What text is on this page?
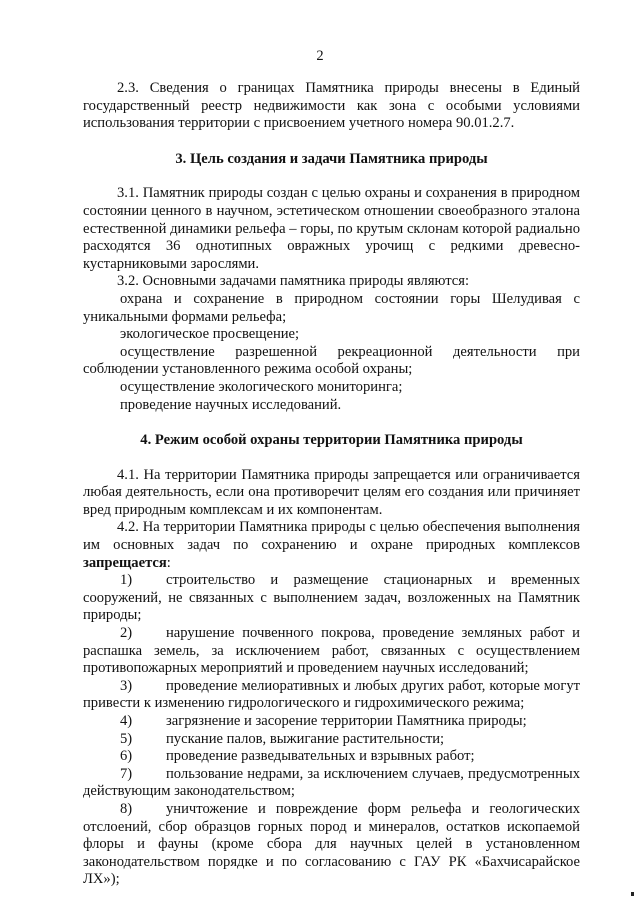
2

2.3. Сведения о границах Памятника природы внесены в Единый государственный реестр недвижимости как зона с особыми условиями использования территории с присвоением учетного номера 90.01.2.7.

3. Цель создания и задачи Памятника природы

3.1. Памятник природы создан с целью охраны и сохранения в природном состоянии ценного в научном, эстетическом отношении своеобразного эталона естественной динамики рельефа – горы, по крутым склонам которой радиально расходятся 36 однотипных овражных урочищ с редкими древесно-кустарниковыми зарослями.

3.2. Основными задачами памятника природы являются:

охрана и сохранение в природном состоянии горы Шелудивая с уникальными формами рельефа;

экологическое просвещение;

осуществление разрешенной рекреационной деятельности при соблюдении установленного режима особой охраны;

осуществление экологического мониторинга;

проведение научных исследований.

4. Режим особой охраны территории Памятника природы

4.1. На территории Памятника природы запрещается или ограничивается любая деятельность, если она противоречит целям его создания или причиняет вред природным комплексам и их компонентам.

4.2. На территории Памятника природы с целью обеспечения выполнения им основных задач по сохранению и охране природных комплексов запрещается:

1) строительство и размещение стационарных и временных сооружений, не связанных с выполнением задач, возложенных на Памятник природы;

2) нарушение почвенного покрова, проведение земляных работ и распашка земель, за исключением работ, связанных с осуществлением противопожарных мероприятий и проведением научных исследований;

3) проведение мелиоративных и любых других работ, которые могут привести к изменению гидрологического и гидрохимического режима;

4) загрязнение и засорение территории Памятника природы;

5) пускание палов, выжигание растительности;

6) проведение разведывательных и взрывных работ;

7) пользование недрами, за исключением случаев, предусмотренных действующим законодательством;

8) уничтожение и повреждение форм рельефа и геологических отслоений, сбор образцов горных пород и минералов, остатков ископаемой флоры и фауны (кроме сбора для научных целей в установленном законодательством порядке и по согласованию с ГАУ РК «Бахчисарайское ЛХ»);
